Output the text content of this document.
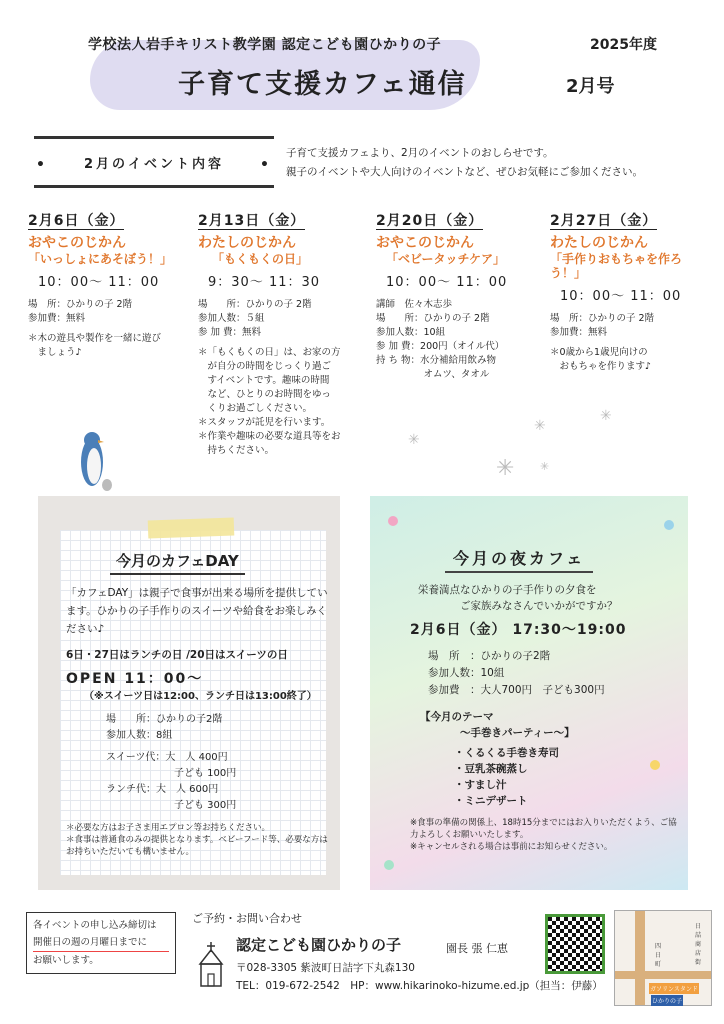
学校法人岩手キリスト教学園 認定こども園ひかりの子	2025年度
子育て支援カフェ通信	2月号
•	2月のイベント内容	•
子育て支援カフェより、2月のイベントのおしらせです。
親子のイベントや大人向けのイベントなど、ぜひお気軽にご参加ください。
2月6日（金）
おやこのじかん
「いっしょにあそぼう！」
10：00～ 11：00
場　所：ひかりの子 2階
参加費：無料
＊木の遊具や製作を一緒に遊び
　ましょう♪
2月13日（金）
わたしのじかん
「もくもくの日」
9：30～ 11：30
場　　所：ひかりの子 2階
参加人数：５組
参 加 費：無料
＊「もくもくの日」は、お家の方
　が自分の時間をじっくり過ご
　すイベントです。趣味の時間
　など、ひとりのお時間をゆっ
　くりお過ごしください。
＊スタッフが託児を行います。
＊作業や趣味の必要な道具等をお
　持ちください。
2月20日（金）
おやこのじかん
「ベビータッチケア」
10：00～ 11：00
講師　佐々木志歩
場　　所：ひかりの子 2階
参加人数：10組
参 加 費：200円（オイル代）
持 ち 物：水分補給用飲み物
　　　　　オムツ、タオル
2月27日（金）
わたしのじかん
「手作りおもちゃを作ろう！」
10：00～ 11：00
場　所：ひかりの子 2階
参加費：無料
＊0歳から1歳児向けの
　おもちゃを作ります♪
✳
✳
✳
✳
✳
今月のカフェDAY
「カフェDAY」は親子で食事が出来る場所を提供しています。ひかりの子手作りのスイーツや給食をお楽しみください♪
6日・27日はランチの日 /20日はスイーツの日
OPEN 11：00～
（※スイーツ日は12:00、ランチ日は13:00終了）
場　　所：ひかりの子2階
参加人数：8組
スイーツ代：大　人 400円
子ども 100円
ランチ代：大　人 600円
子ども 300円
＊必要な方はお子さま用エプロン等お持ちください。
＊食事は普通食のみの提供となります。ベビーフード等、必要な方はお持ちいただいても構いません。
今月の夜カフェ
栄養満点なひかりの子手作りの夕食を
ご家族みなさんでいかがですか？
2月6日（金） 17:30～19:00
場　所　：ひかりの子2階
参加人数：10組
参加費　：大人700円　子ども300円
【今月のテーマ
～手巻きパーティー～】
・くるくる手巻き寿司
・豆乳茶碗蒸し
・すまし汁
・ミニデザート
※食事の準備の関係上、18時15分までにはお入りいただくよう、ご協力よろしくお願いいたします。
※キャンセルされる場合は事前にお知らせください。
各イベントの申し込み締切は
開催日の週の月曜日までに
お願いします。
ご予約・お問い合わせ
認定こども園ひかりの子	園長 張 仁恵
〒028-3305 紫波町日詰字下丸森130
TEL：019-672-2542　HP：www.hikarinoko-hizume.ed.jp（担当：伊藤）
日詰商店街
四日町
ガソリンスタンド
ひかりの子
